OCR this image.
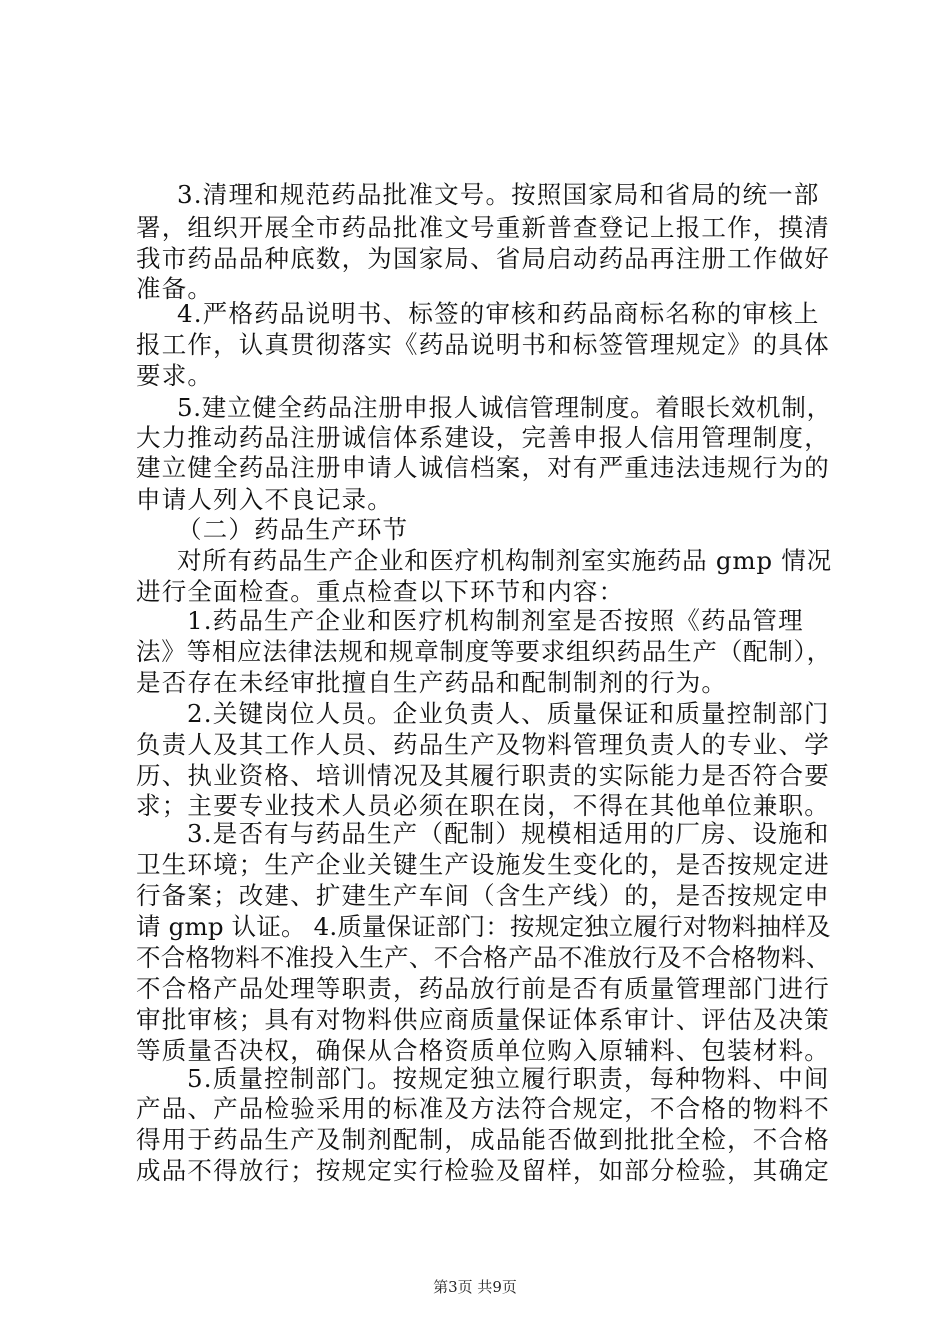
3.清理和规范药品批准文号。按照国家局和省局的统一部
署，组织开展全市药品批准文号重新普查登记上报工作，摸清
我市药品品种底数，为国家局、省局启动药品再注册工作做好
准备。
4.严格药品说明书、标签的审核和药品商标名称的审核上
报工作，认真贯彻落实《药品说明书和标签管理规定》的具体
要求。
5.建立健全药品注册申报人诚信管理制度。着眼长效机制，
大力推动药品注册诚信体系建设，完善申报人信用管理制度，
建立健全药品注册申请人诚信档案，对有严重违法违规行为的
申请人列入不良记录。
（二）药品生产环节
对所有药品生产企业和医疗机构制剂室实施药品 gmp 情况
进行全面检查。重点检查以下环节和内容：
1.药品生产企业和医疗机构制剂室是否按照《药品管理
法》等相应法律法规和规章制度等要求组织药品生产（配制），
是否存在未经审批擅自生产药品和配制制剂的行为。
2.关键岗位人员。企业负责人、质量保证和质量控制部门
负责人及其工作人员、药品生产及物料管理负责人的专业、学
历、执业资格、培训情况及其履行职责的实际能力是否符合要
求；主要专业技术人员必须在职在岗，不得在其他单位兼职。
3.是否有与药品生产（配制）规模相适用的厂房、设施和
卫生环境；生产企业关键生产设施发生变化的，是否按规定进
行备案；改建、扩建生产车间（含生产线）的，是否按规定申
请 gmp 认证。 4.质量保证部门：按规定独立履行对物料抽样及
不合格物料不准投入生产、不合格产品不准放行及不合格物料、
不合格产品处理等职责，药品放行前是否有质量管理部门进行
审批审核；具有对物料供应商质量保证体系审计、评估及决策
等质量否决权，确保从合格资质单位购入原辅料、包装材料。
5.质量控制部门。按规定独立履行职责，每种物料、中间
产品、产品检验采用的标准及方法符合规定，不合格的物料不
得用于药品生产及制剂配制，成品能否做到批批全检，不合格
成品不得放行；按规定实行检验及留样，如部分检验，其确定
第3页 共9页
